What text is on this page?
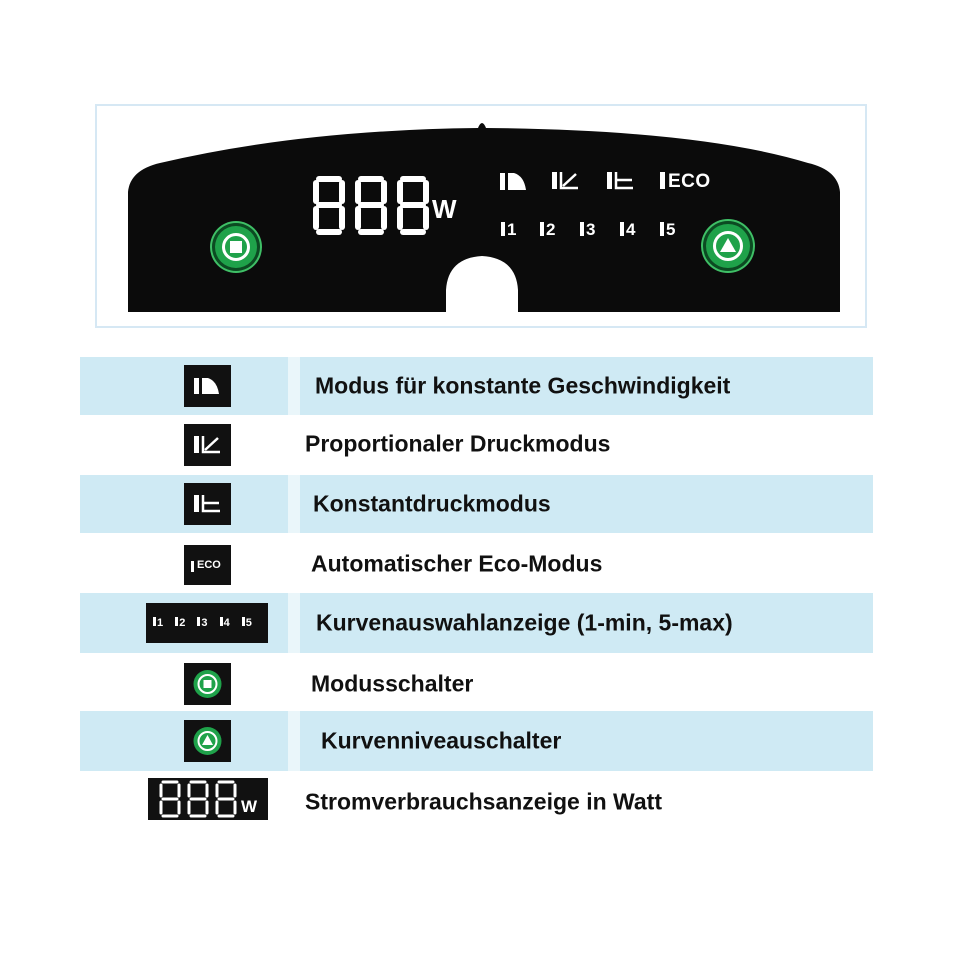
W
ECO
1	2	3	4	5
Modus für konstante Geschwindigkeit
Proportionaler Druckmodus
Konstantdruckmodus
ECO	Automatischer Eco-Modus
1 2 3 4 5	Kurvenauswahlanzeige (1-min, 5-max)
Modusschalter
Kurvenniveauschalter
W Stromverbrauchsanzeige in Watt
